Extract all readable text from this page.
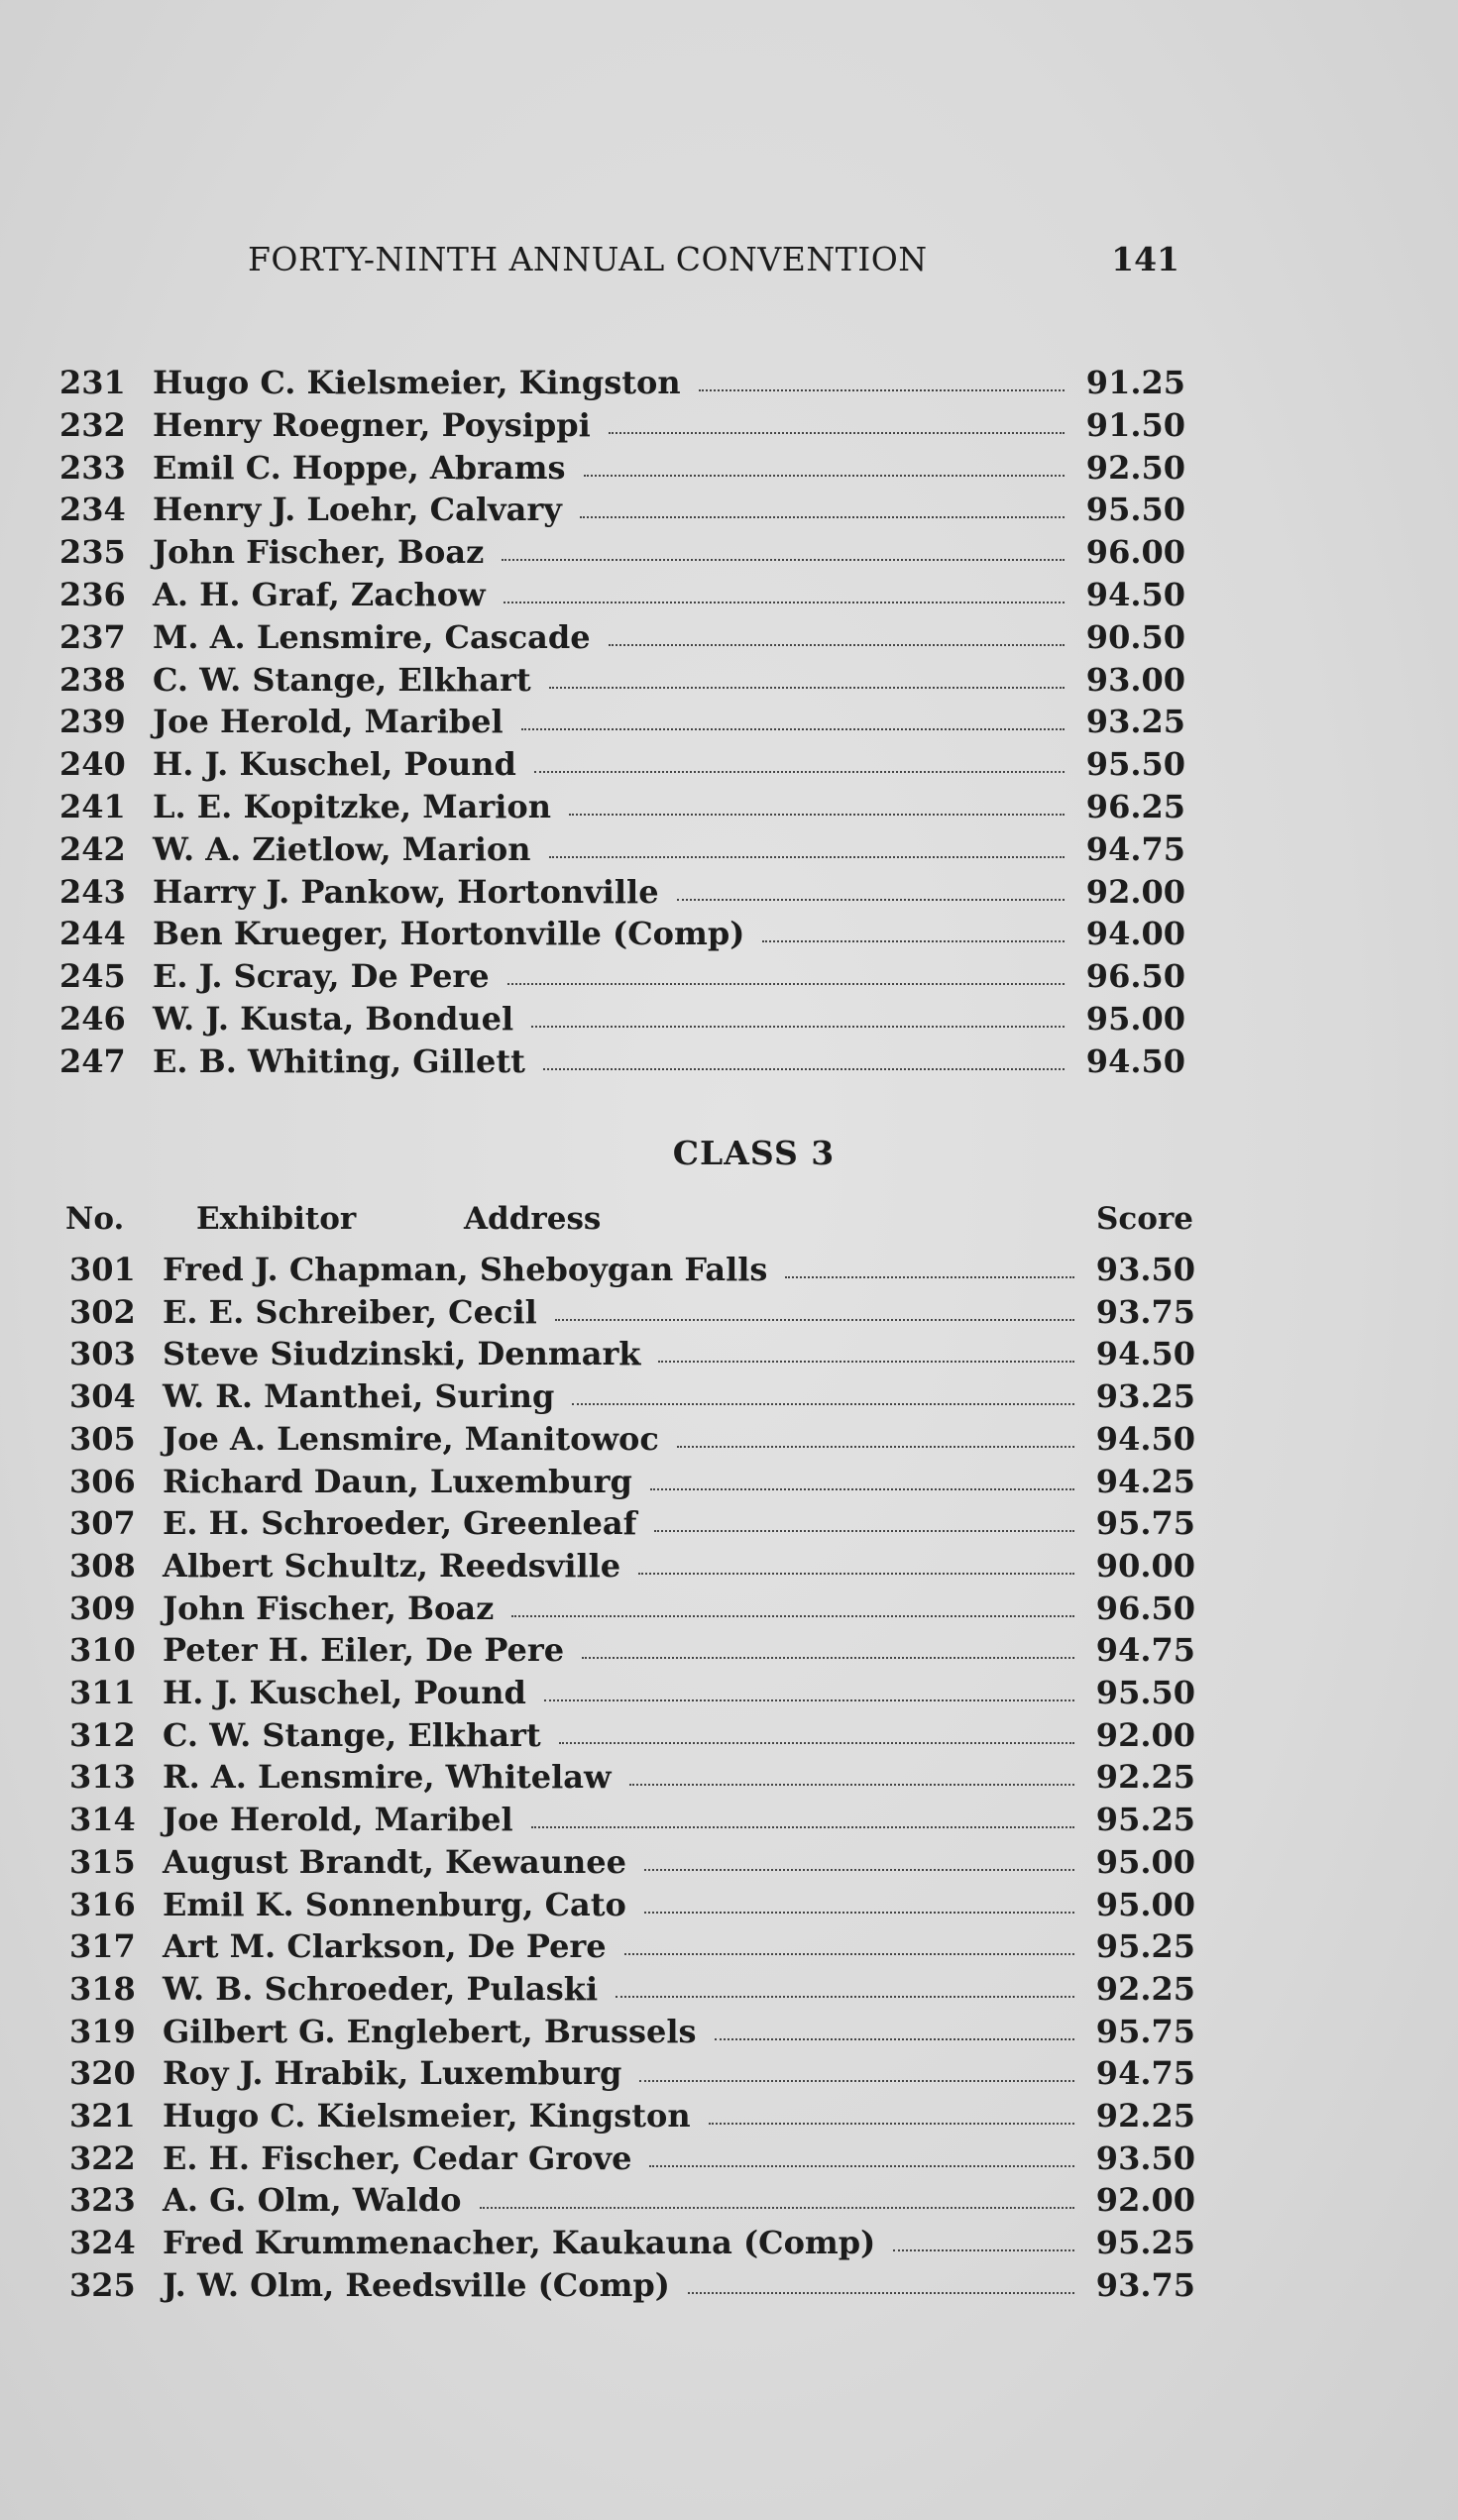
FORTY-NINTH ANNUAL CONVENTION	141
231 Hugo C. Kielsmeier, Kingston	91.25
232 Henry Roegner, Poysippi	91.50
233 Emil C. Hoppe, Abrams	92.50
234 Henry J. Loehr, Calvary	95.50
235 John Fischer, Boaz	96.00
236 A. H. Graf, Zachow	94.50
237 M. A. Lensmire, Cascade	90.50
238 C. W. Stange, Elkhart	93.00
239 Joe Herold, Maribel	93.25
240 H. J. Kuschel, Pound	95.50
241 L. E. Kopitzke, Marion	96.25
242 W. A. Zietlow, Marion	94.75
243 Harry J. Pankow, Hortonville	92.00
244 Ben Krueger, Hortonville (Comp)	94.00
245 E. J. Scray, De Pere	96.50
246 W. J. Kusta, Bonduel	95.00
247 E. B. Whiting, Gillett	94.50
CLASS 3
No. Exhibitor	Address	Score
301 Fred J. Chapman, Sheboygan Falls	93.50
302 E. E. Schreiber, Cecil	93.75
303 Steve Siudzinski, Denmark	94.50
304 W. R. Manthei, Suring	93.25
305 Joe A. Lensmire, Manitowoc	94.50
306 Richard Daun, Luxemburg	94.25
307 E. H. Schroeder, Greenleaf	95.75
308 Albert Schultz, Reedsville	90.00
309 John Fischer, Boaz	96.50
310 Peter H. Eiler, De Pere	94.75
311 H. J. Kuschel, Pound	95.50
312 C. W. Stange, Elkhart	92.00
313 R. A. Lensmire, Whitelaw	92.25
314 Joe Herold, Maribel	95.25
315 August Brandt, Kewaunee	95.00
316 Emil K. Sonnenburg, Cato	95.00
317 Art M. Clarkson, De Pere	95.25
318 W. B. Schroeder, Pulaski	92.25
319 Gilbert G. Englebert, Brussels	95.75
320 Roy J. Hrabik, Luxemburg	94.75
321 Hugo C. Kielsmeier, Kingston	92.25
322 E. H. Fischer, Cedar Grove	93.50
323 A. G. Olm, Waldo	92.00
324 Fred Krummenacher, Kaukauna (Comp)	95.25
325 J. W. Olm, Reedsville (Comp)	93.75
